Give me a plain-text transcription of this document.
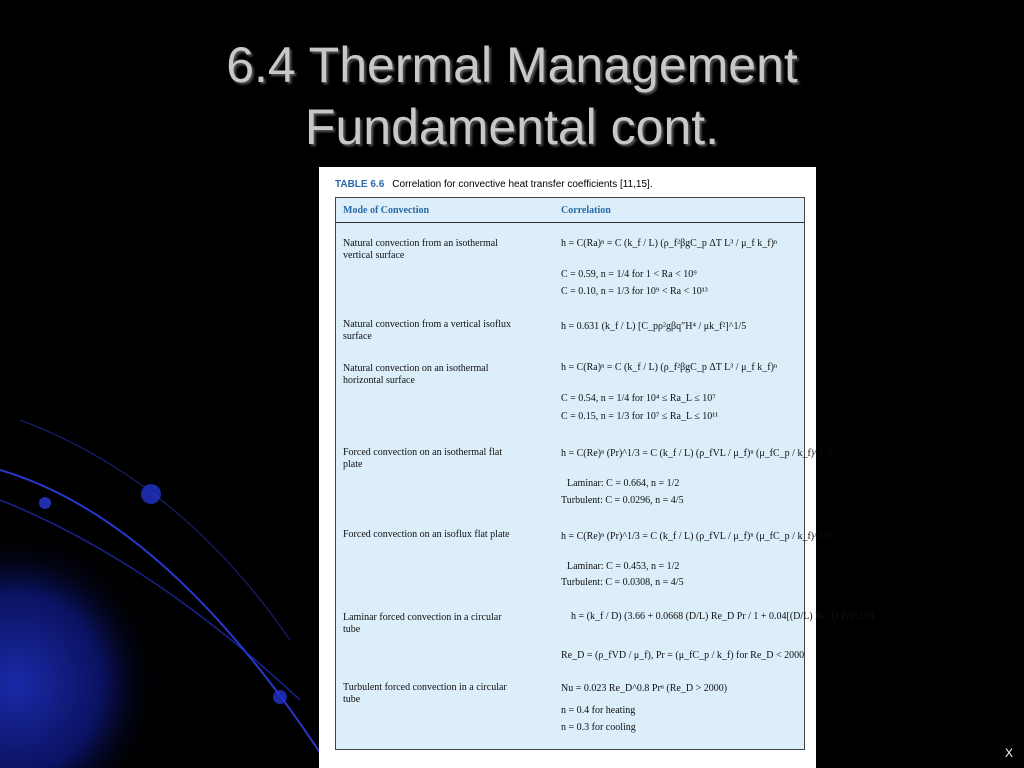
6.4 Thermal Management
Fundamental cont.
TABLE 6.6 Correlation for convective heat transfer coefficients [11,15].
Mode of Convection	Correlation
Natural convection from an isothermal vertical surface
h = C(Ra)ⁿ = C (k_f / L) (ρ_f²βgC_p ΔT L³ / μ_f k_f)ⁿ
C = 0.59, n = 1/4 for 1 < Ra < 10⁹
C = 0.10, n = 1/3 for 10⁹ < Ra < 10¹³
Natural convection from a vertical isoflux surface
h = 0.631 (k_f / L) [C_pρ²gβq″H⁴ / μk_f²]^1/5
Natural convection on an isothermal horizontal surface
h = C(Ra)ⁿ = C (k_f / L) (ρ_f²βgC_p ΔT L³ / μ_f k_f)ⁿ
C = 0.54, n = 1/4 for 10⁴ ≤ Ra_L ≤ 10⁷
C = 0.15, n = 1/3 for 10⁷ ≤ Ra_L ≤ 10¹¹
Forced convection on an isothermal flat plate
h = C(Re)ⁿ (Pr)^1/3 = C (k_f / L) (ρ_fVL / μ_f)ⁿ (μ_fC_p / k_f)^1/3
Laminar: C = 0.664, n = 1/2
Turbulent: C = 0.0296, n = 4/5
Forced convection on an isoflux flat plate	h = C(Re)ⁿ (Pr)^1/3 = C (k_f / L) (ρ_fVL / μ_f)ⁿ (μ_fC_p / k_f)^1/3
Laminar: C = 0.453, n = 1/2
Turbulent: C = 0.0308, n = 4/5
Laminar forced convection in a circular tube
h = (k_f / D) (3.66 + 0.0668 (D/L) Re_D Pr / 1 + 0.04[(D/L) Re_D Pr]^2/3)
Re_D = (ρ_fVD / μ_f), Pr = (μ_fC_p / k_f) for Re_D < 2000
Turbulent forced convection in a circular tube
Nu = 0.023 Re_D^0.8 Prⁿ (Re_D > 2000)
n = 0.4 for heating
n = 0.3 for cooling
X
